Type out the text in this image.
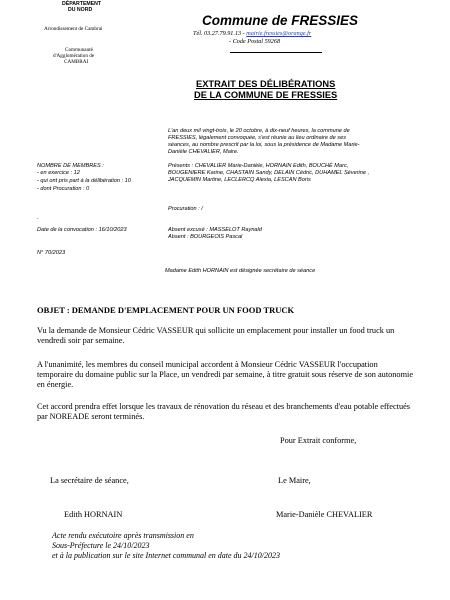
DÉPARTEMENT
DU NORD
Arrondissement de Cambrai
Communauté
d'Agglomération de
CAMBRAI
Commune de FRESSIES
Tél. 03.27.79.91.13 - mairie.fressies@orange.fr
- Code Postal 59268
EXTRAIT DES DÉLIBÉRATIONS
DE LA COMMUNE DE FRESSIES
L'an deux mil vingt-trois, le 20 octobre, à dix-neuf heures, la commune de
FRESSIES, légalement convoquée, s'est réunie au lieu ordinaire de ses
séances, au nombre prescrit par la loi, sous la présidence de Madame Marie-
Danièle CHEVALIER, Maire.
NOMBRE DE MEMBRES :
- en exercice : 12
- qui ont pris part à la délibération : 10
- dont Procuration : 0
Présents : CHEVALIER Marie-Danièle, HORNAIN Edith, BOUCHÉ Marc,
BOUGENIERE Karine, CHASTAIN Sandy, DELAIN Cédric, DUHAMEL Séverine ,
JACQUEMIN Martine, LECLERCQ Alexia, LESCAN Boris
Procuration : /
.
Date de la convocation : 16/10/2023	Absent excusé : MASSELOT Raynald
Absent : BOURGEOIS Pascal
N° 70/2023
Madame Edith HORNAIN est désignée secrétaire de séance
OBJET : DEMANDE D'EMPLACEMENT POUR UN FOOD TRUCK
Vu la demande de Monsieur Cédric VASSEUR qui sollicite un emplacement pour installer un food truck un vendredi soir par semaine.
A l'unanimité, les membres du conseil municipal accordent à Monsieur Cédric VASSEUR l'occupation temporaire du domaine public sur la Place, un vendredi par semaine, à titre gratuit sous réserve de son autonomie en énergie.
Cet accord prendra effet lorsque les travaux de rénovation du réseau et des branchements d'eau potable effectués par NOREADE seront terminés.
Pour Extrait conforme,
La secrétaire de séance,	Le Maire,
Edith HORNAIN	Marie-Danièle CHEVALIER
Acte rendu exécutoire après transmission en
Sous-Préfecture le 24/10/2023
et à la publication sur le site Internet communal en date du 24/10/2023
